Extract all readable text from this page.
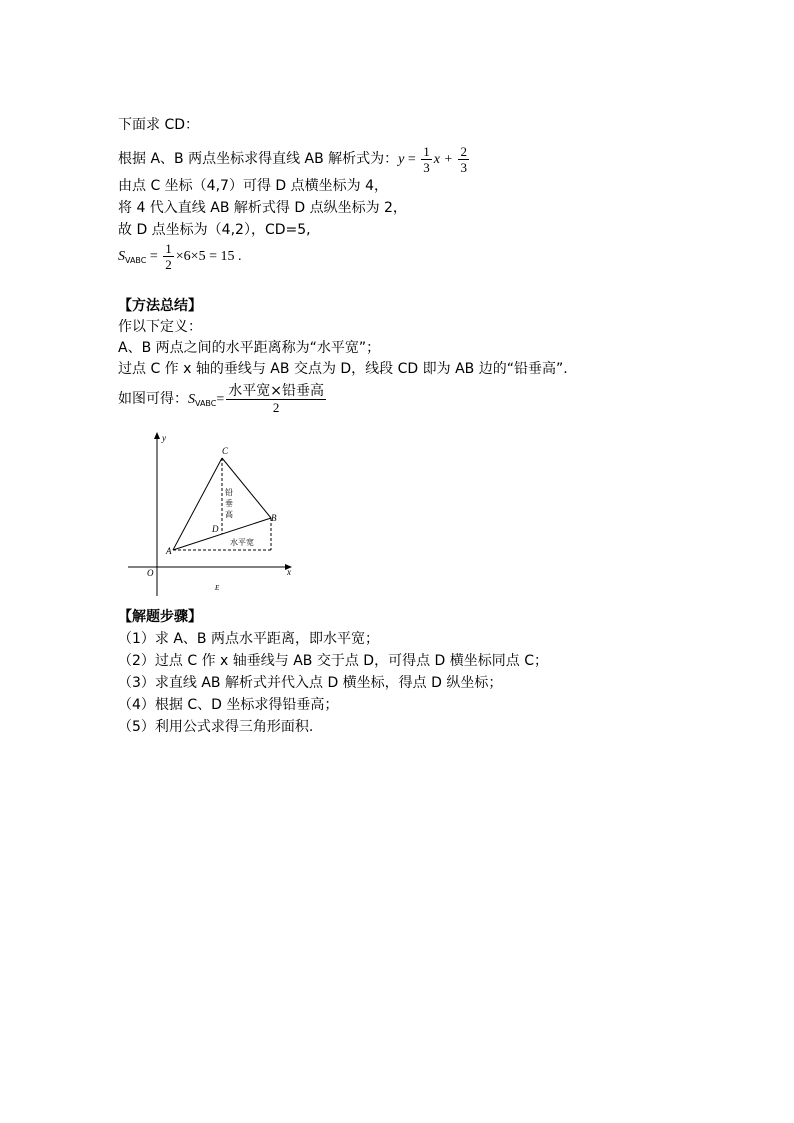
下面求 CD：
根据 A、B 两点坐标求得直线 AB 解析式为：$y = \frac{1}{3}$ $x + \frac{2}{3}$
由点 C 坐标（4,7）可得 D 点横坐标为 4，
将 4 代入直线 AB 解析式得 D 点纵坐标为 2，
故 D 点坐标为（4,2），CD=5,
$S_{VABC} = \frac{1}{2} \times 6\times 5 = 15$ .
【方法总结】
作以下定义：
A、B 两点之间的水平距离称为“水平宽”；
过点 C 作 x 轴的垂线与 AB 交点为 D，线段 CD 即为 AB 边的“铅垂高”.
如图可得：$S_{VABC}= \frac{\text{水平宽×铅垂高}}{2}$
y
x
O
C
B
A
D
E
铅
垂
高
水平宽
【解题步骤】
（1）求 A、B 两点水平距离，即水平宽；
（2）过点 C 作 x 轴垂线与 AB 交于点 D，可得点 D 横坐标同点 C；
（3）求直线 AB 解析式并代入点 D 横坐标，得点 D 纵坐标；
（4）根据 C、D 坐标求得铅垂高；
（5）利用公式求得三角形面积.
